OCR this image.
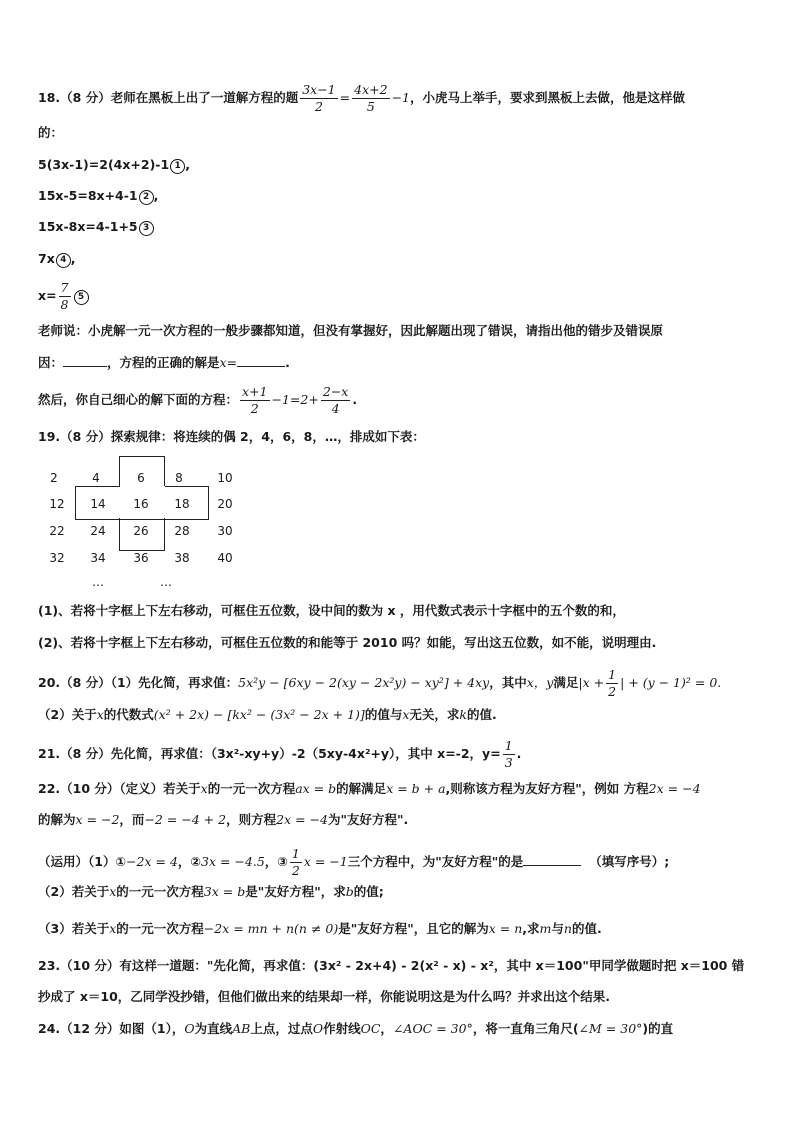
18.（8 分）老师在黑板上出了一道解方程的题 $\frac{3x-1}{2} = \frac{4x+2}{5} -1$，小虎马上举手，要求到黑板上去做，他是这样做
的：
5(3x-1)=2(4x+2)-1 1 ,
15x-5=8x+4-1 2 ,
15x-8x=4-1+5 3
7x 4 ,
$x= \frac{7}{8} 5$
老师说：小虎解一元一次方程的一般步骤都知道，但没有掌握好，因此解题出现了错误，请指出他的错步及错误原
因：	，方程的正确的解是x=	.
然后，你自己细心的解下面的方程： $\frac{x+1}{2} -1=2+ \frac{2-x}{4}$ .
19.（8 分）探索规律：将连续的偶 2，4，6，8，…，排成如下表：
2	4	6	8	10
12	14	16	18	20
22	24	26	28	30
32	34	36	38	40
…	…
(1)、若将十字框上下左右移动，可框住五位数，设中间的数为 x ，用代数式表示十字框中的五个数的和，
(2)、若将十字框上下左右移动，可框住五位数的和能等于 2010 吗？如能，写出这五位数，如不能，说明理由.
20.（8 分）（1）先化简，再求值：5x²y − [6xy − 2(xy − 2x²y) − xy²] + 4xy，其中x，y满足$|x + \frac{1}{2}$ | + (y − 1)² = 0.
（2）关于x的代数式(x² + 2x) − [kx² − (3x² − 2x + 1)]的值与x无关，求k的值.
21.（8 分）先化简，再求值：（3x²-xy+y）-2（5xy-4x²+y），其中 x=-2，$y= \frac{1}{3}$ .
22.（10 分）（定义）若关于x的一元一次方程ax = b的解满足x = b + a,则称该方程为友好方程"，例如 方程2x = −4
的解为x = −2，而−2 = −4 + 2，则方程2x = −4为"友好方程".
（运用）（1）①−2x = 4，②3x = −4.5，③ $\frac{1}{2}$ x = −1三个方程中，为"友好方程"的是	（填写序号）;
（2）若关于x的一元一次方程3x = b是"友好方程"，求b的值;
（3）若关于x的一元一次方程−2x = mn + n(n ≠ 0)是"友好方程"，且它的解为x = n,求m与n的值.
23.（10 分）有这样一道题："先化简，再求值：(3x² - 2x+4) - 2(x² - x) - x²，其中 x＝100"甲同学做题时把 x＝100 错
抄成了 x＝10，乙同学没抄错，但他们做出来的结果却一样，你能说明这是为什么吗？并求出这个结果.
24.（12 分）如图（1），O为直线AB上点，过点O作射线OC，∠AOC = 30°，将一直角三角尺(∠M = 30°)的直
